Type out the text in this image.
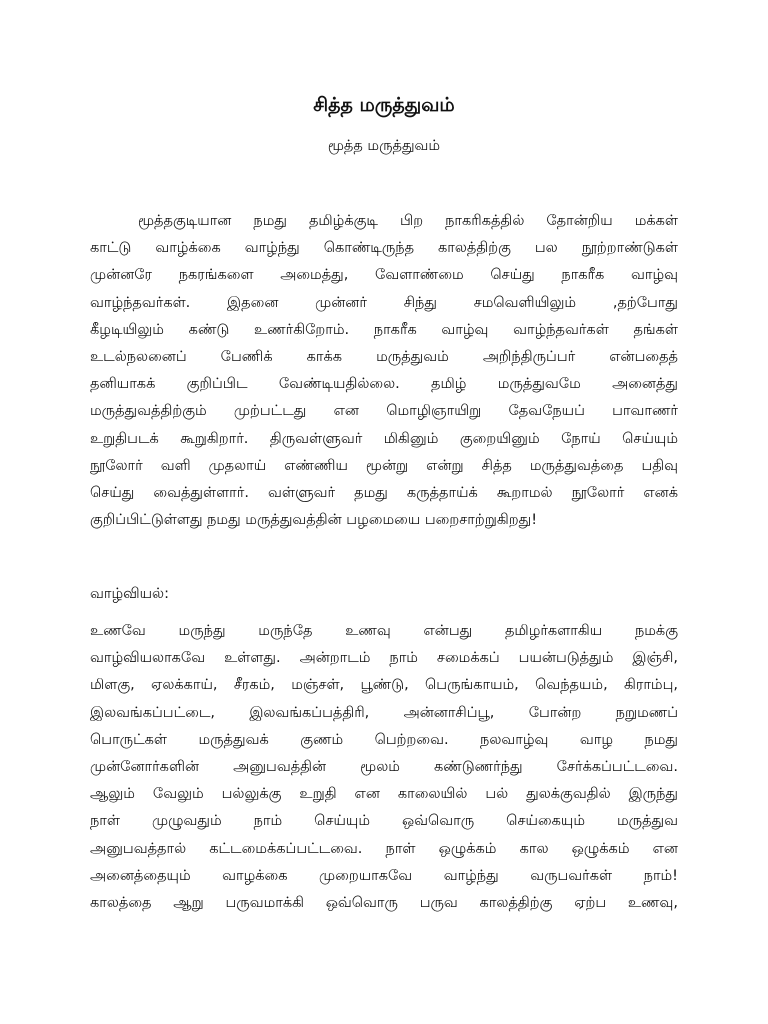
சித்த மருத்துவம்
மூத்த மருத்துவம்
மூத்தகுடியான நமது தமிழ்க்குடி பிற நாகரிகத்தில் தோன்றிய மக்கள்
காட்டு வாழ்க்கை வாழ்ந்து கொண்டிருந்த காலத்திற்கு பல நூற்றாண்டுகள்
முன்னரே நகரங்களை அமைத்து, வேளாண்மை செய்து நாகரீக வாழ்வு
வாழ்ந்தவர்கள். இதனை முன்னர் சிந்து சமவெளியிலும் ,தற்போது
கீழடியிலும் கண்டு உணர்கிறோம். நாகரீக வாழ்வு வாழ்ந்தவர்கள் தங்கள்
உடல்நலனைப் பேணிக் காக்க மருத்துவம் அறிந்திருப்பர் என்பதைத்
தனியாகக் குறிப்பிட வேண்டியதில்லை. தமிழ் மருத்துவமே அனைத்து
மருத்துவத்திற்கும் முற்பட்டது என மொழிஞாயிறு தேவநேயப் பாவாணர்
உறுதிபடக் கூறுகிறார். திருவள்ளுவர் மிகினும் குறையினும் நோய் செய்யும்
நூலோர் வளி முதலாய் எண்ணிய மூன்று என்று சித்த மருத்துவத்தை பதிவு
செய்து வைத்துள்ளார். வள்ளுவர் தமது கருத்தாய்க் கூறாமல் நூலோர் எனக்
குறிப்பிட்டுள்ளது நமது மருத்துவத்தின் பழமையை பறைசாற்றுகிறது!
வாழ்வியல்:
உணவே மருந்து மருந்தே உணவு என்பது தமிழர்களாகிய நமக்கு
வாழ்வியலாகவே உள்ளது. அன்றாடம் நாம் சமைக்கப் பயன்படுத்தும் இஞ்சி,
மிளகு, ஏலக்காய், சீரகம், மஞ்சள், பூண்டு, பெருங்காயம், வெந்தயம், கிராம்பு,
இலவங்கப்பட்டை, இலவங்கப்பத்திரி, அன்னாசிப்பூ, போன்ற நறுமணப்
பொருட்கள் மருத்துவக் குணம் பெற்றவை. நலவாழ்வு வாழ நமது
முன்னோர்களின் அனுபவத்தின் மூலம் கண்டுணர்ந்து சேர்க்கப்பட்டவை.
ஆலும் வேலும் பல்லுக்கு உறுதி என காலையில் பல் துலக்குவதில் இருந்து
நாள் முழுவதும் நாம் செய்யும் ஒவ்வொரு செய்கையும் மருத்துவ
அனுபவத்தால் கட்டமைக்கப்பட்டவை. நாள் ஒழுக்கம் கால ஒழுக்கம் என
அனைத்தையும் வாழக்கை முறையாகவே வாழ்ந்து வருபவர்கள் நாம்!
காலத்தை ஆறு பருவமாக்கி ஒவ்வொரு பருவ காலத்திற்கு ஏற்ப உணவு,
